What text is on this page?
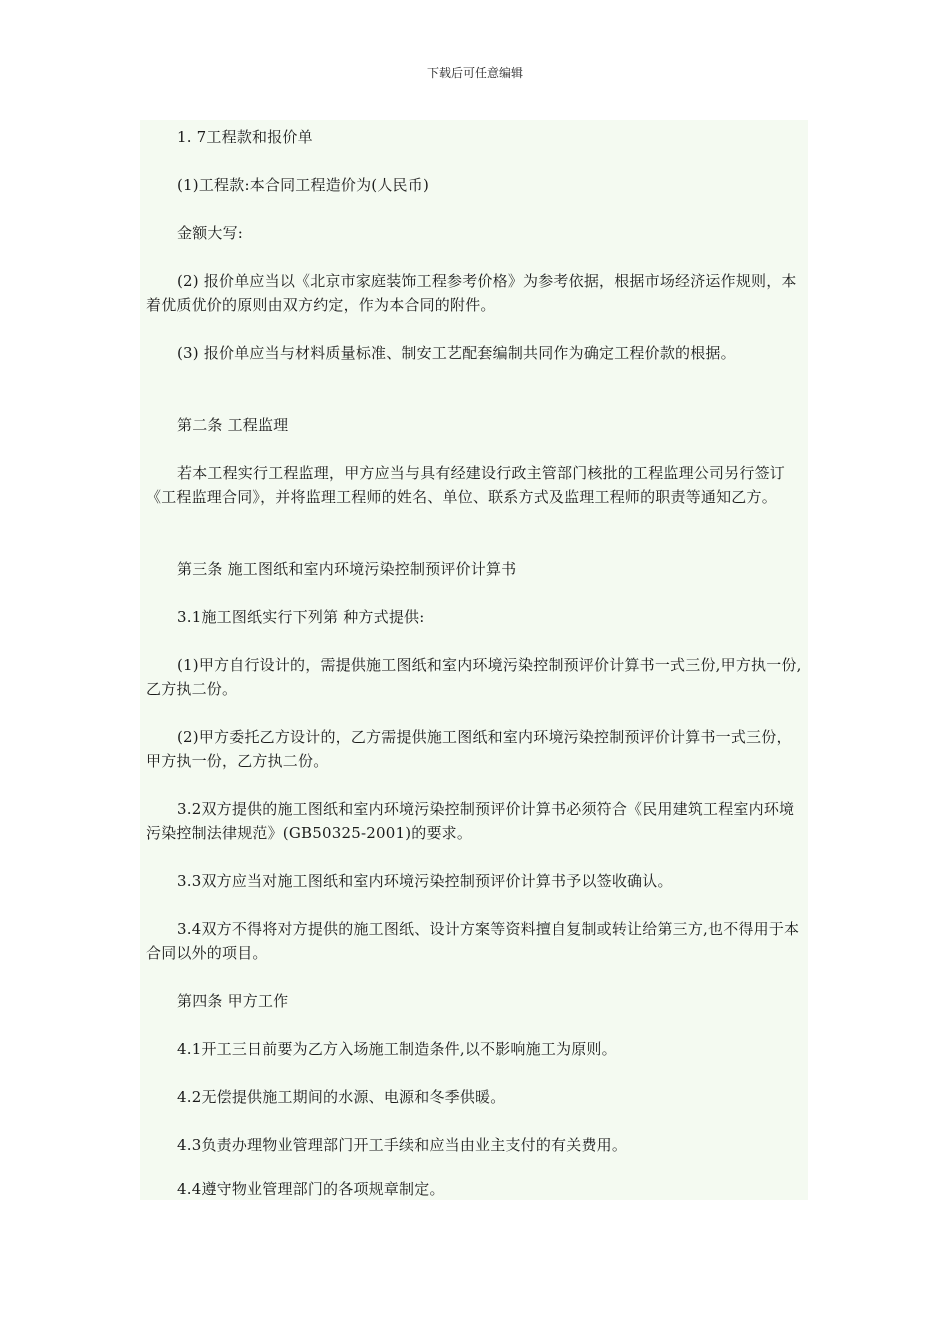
下载后可任意编辑
1. 7工程款和报价单
(1)工程款:本合同工程造价为(人民币)
金额大写:
(2) 报价单应当以《北京市家庭装饰工程参考价格》为参考依据，根据市场经济运作规则，本着优质优价的原则由双方约定，作为本合同的附件。
(3) 报价单应当与材料质量标准、制安工艺配套编制共同作为确定工程价款的根据。
第二条 工程监理
若本工程实行工程监理，甲方应当与具有经建设行政主管部门核批的工程监理公司另行签订《工程监理合同》，并将监理工程师的姓名、单位、联系方式及监理工程师的职责等通知乙方。
第三条 施工图纸和室内环境污染控制预评价计算书
3.1施工图纸实行下列第 种方式提供:
(1)甲方自行设计的，需提供施工图纸和室内环境污染控制预评价计算书一式三份,甲方执一份,乙方执二份。
(2)甲方委托乙方设计的，乙方需提供施工图纸和室内环境污染控制预评价计算书一式三份，甲方执一份，乙方执二份。
3.2双方提供的施工图纸和室内环境污染控制预评价计算书必须符合《民用建筑工程室内环境污染控制法律规范》(GB50325-2001)的要求。
3.3双方应当对施工图纸和室内环境污染控制预评价计算书予以签收确认。
3.4双方不得将对方提供的施工图纸、设计方案等资料擅自复制或转让给第三方,也不得用于本合同以外的项目。
第四条 甲方工作
4.1开工三日前要为乙方入场施工制造条件,以不影响施工为原则。
4.2无偿提供施工期间的水源、电源和冬季供暖。
4.3负责办理物业管理部门开工手续和应当由业主支付的有关费用。
4.4遵守物业管理部门的各项规章制定。
